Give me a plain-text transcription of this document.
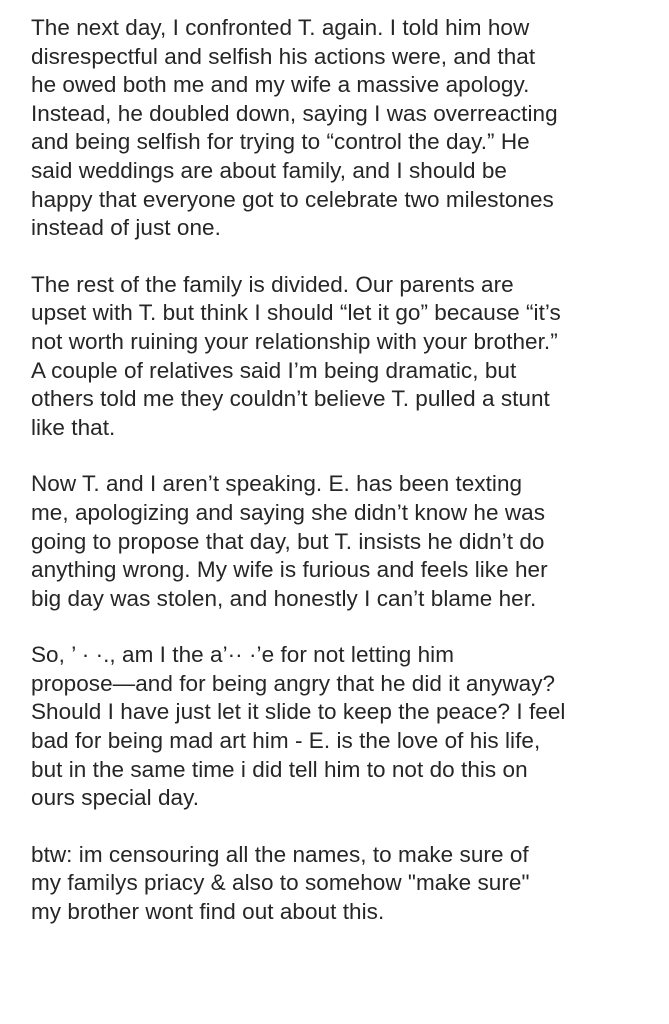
The next day, I confronted T. again. I told him how
disrespectful and selfish his actions were, and that
he owed both me and my wife a massive apology.
Instead, he doubled down, saying I was overreacting
and being selfish for trying to “control the day.” He
said weddings are about family, and I should be
happy that everyone got to celebrate two milestones
instead of just one.

The rest of the family is divided. Our parents are
upset with T. but think I should “let it go” because “it’s
not worth ruining your relationship with your brother.”
A couple of relatives said I’m being dramatic, but
others told me they couldn’t believe T. pulled a stunt
like that.

Now T. and I aren’t speaking. E. has been texting
me, apologizing and saying she didn’t know he was
going to propose that day, but T. insists he didn’t do
anything wrong. My wife is furious and feels like her
big day was stolen, and honestly I can’t blame her.

So, ’ · ·., am I the a’·· ·’e for not letting him
propose—and for being angry that he did it anyway?
Should I have just let it slide to keep the peace? I feel
bad for being mad art him - E. is the love of his life,
but in the same time i did tell him to not do this on
ours special day.

btw: im censouring all the names, to make sure of
my familys priacy & also to somehow "make sure"
my brother wont find out about this.
